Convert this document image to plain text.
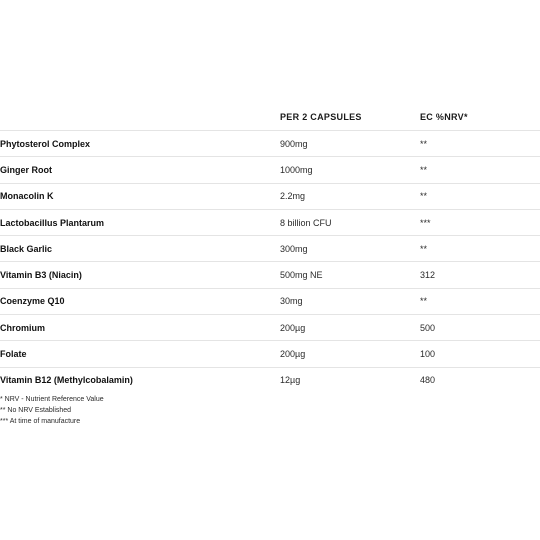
	PER 2 CAPSULES	EC %NRV*
Phytosterol Complex	900mg	**
Ginger Root	1000mg	**
Monacolin K	2.2mg	**
Lactobacillus Plantarum	8 billion CFU	***
Black Garlic	300mg	**
Vitamin B3 (Niacin)	500mg NE	312
Coenzyme Q10	30mg	**
Chromium	200µg	500
Folate	200µg	100
Vitamin B12 (Methylcobalamin)	12µg	480
* NRV - Nutrient Reference Value
** No NRV Established
*** At time of manufacture
